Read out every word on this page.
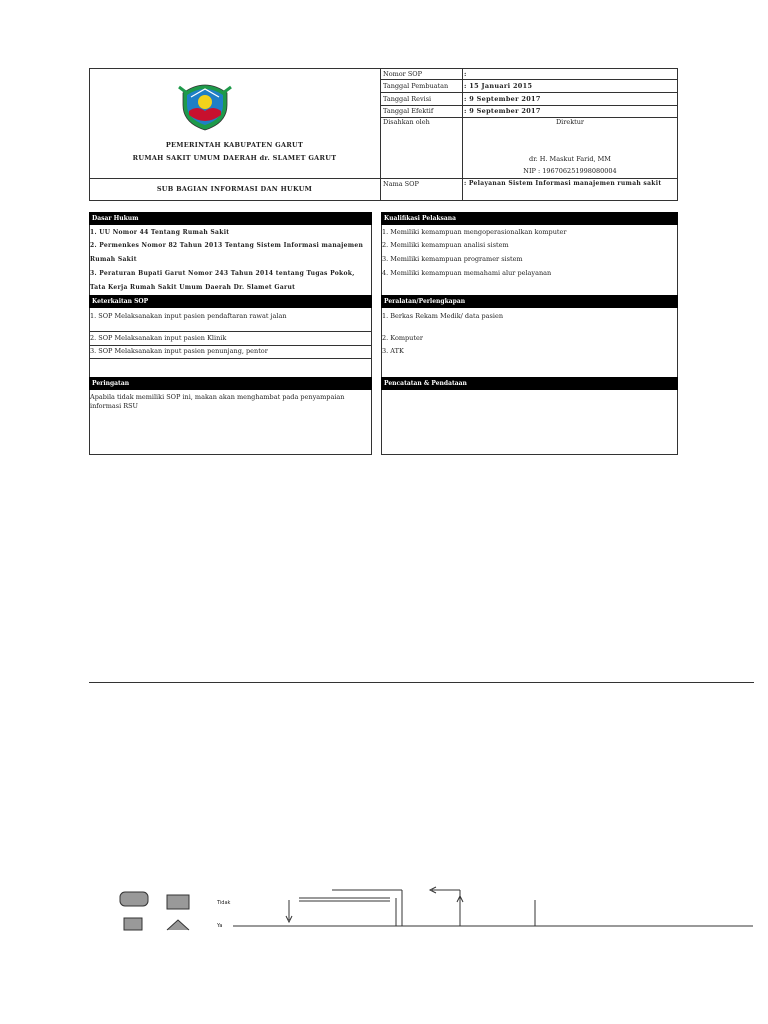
PEMERINTAH KABUPATEN GARUT
RUMAH SAKIT UMUM DAERAH dr. SLAMET GARUT
SUB BAGIAN INFORMASI DAN HUKUM
Nomor SOP	:
Tanggal Pembuatan : 15 Januari 2015
Tanggal Revisi	: 9 September 2017
Tanggal Efektif	: 9 September 2017
Disahkan oleh	Direktur
dr. H. Maskut Farid, MM
NIP : 196706251998080004
Nama SOP	: Pelayanan Sistem Informasi manajemen rumah sakit
Dasar Hukum
1. UU Nomor 44 Tentang Rumah Sakit
2. Permenkes Nomor 82 Tahun 2013 Tentang Sistem Informasi manajemen
Rumah Sakit
3. Peraturan Bupati Garut Nomor 243 Tahun 2014 tentang Tugas Pokok,
Tata Kerja Rumah Sakit Umum Daerah Dr. Slamet Garut
Keterkaitan SOP
1. SOP Melaksanakan input pasien pendaftaran rawat jalan
2. SOP Melaksanakan input pasien Klinik
3. SOP Melaksanakan input pasien penunjang, pentor
Peringatan
Apabila tidak memiliki SOP ini, makan akan menghambat pada penyampaian
informasi RSU
Kualifikasi Pelaksana
1. Memiliki kemampuan mengoperasionalkan komputer
2. Memiliki kemampuan analisi sistem
3. Memiliki kemampuan programer sistem
4. Memiliki kemampuan memahami alur pelayanan
Peralatan/Perlengkapan
1. Berkas Rekam Medik/ data pasien
2. Komputer
3. ATK
Pencatatan & Pendataan
Tidak
Ya
